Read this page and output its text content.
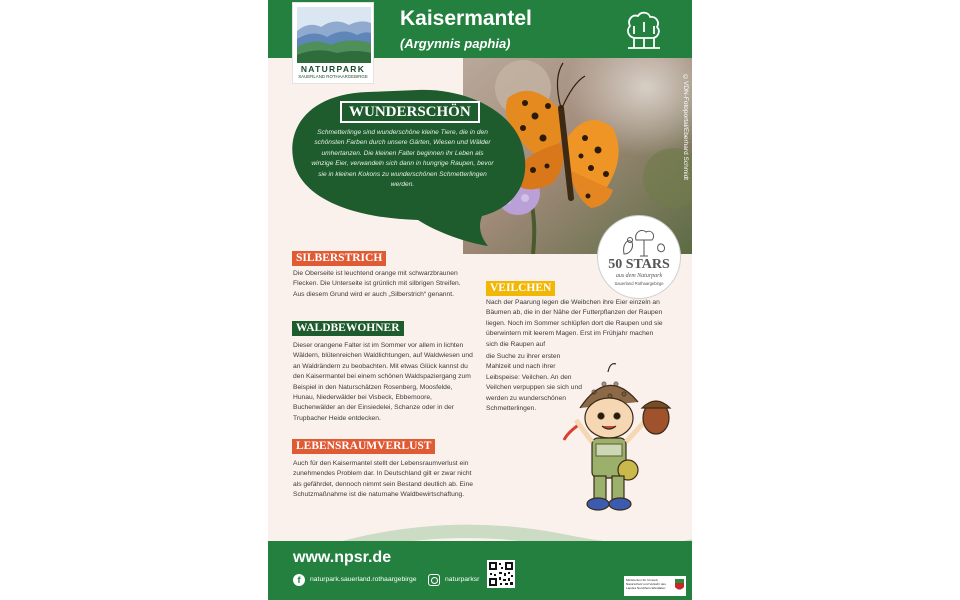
NATURPARK
SAUERLAND ROTHAARGEBIRGE
Kaisermantel
(Argynnis paphia)
©VDN-Fotoportal/Eberhard Schmidt
WUNDERSCHÖN
Schmetterlinge sind wunderschöne kleine Tiere, die in den schönsten Farben durch unsere Gärten, Wiesen und Wälder umhertanzen. Die kleinen Falter beginnen ihr Leben als winzige Eier, verwandeln sich dann in hungrige Raupen, bevor sie in kleinen Kokons zu wunderschönen Schmetterlingen werden.
50 STARS
aus dem Naturpark
Sauerland Rothaargebirge
SILBERSTRICH
Die Oberseite ist leuchtend orange mit schwarzbraunen Flecken. Die Unterseite ist grünlich mit silbrigen Streifen. Aus diesem Grund wird er auch „Silberstrich“ genannt.
WALDBEWOHNER
Dieser orangene Falter ist im Sommer vor allem in lichten Wäldern, blütenreichen Waldlichtungen, auf Waldwiesen und an Waldrändern zu beobachten. Mit etwas Glück kannst du den Kaisermantel bei einem schönen Waldspaziergang zum Beispiel in den Naturschätzen Rosenberg, Moosfelde, Hunau, Niederwälder bei Visbeck, Ebbemoore, Buchenwälder an der Einsiedelei, Schanze oder in der Trupbacher Heide entdecken.
LEBENSRAUMVERLUST
Auch für den Kaisermantel stellt der Lebensraumverlust ein zunehmendes Problem dar. In Deutschland gilt er zwar nicht als gefährdet, dennoch nimmt sein Bestand deutlich ab. Eine Schutzmaßnahme ist die naturnahe Waldbewirtschaftung.
VEILCHEN
Nach der Paarung legen die Weibchen ihre Eier einzeln an Bäumen ab, die in der Nähe der Futterpflanzen der Raupen liegen. Noch im Sommer schlüpfen dort die Raupen und sie überwintern mit leerem Magen. Erst im Frühjahr machen sich die Raupen auf
die Suche zu ihrer ersten Mahlzeit und nach ihrer Leibspeise: Veilchen. An den Veilchen verpuppen sie sich und werden zu wunderschönen Schmetterlingen.
www.npsr.de
f	naturpark.sauerland.rothaargebirge	naturparksr	Ministerium für Umwelt, Naturschutz und Verkehr des Landes Nordrhein-Westfalen
